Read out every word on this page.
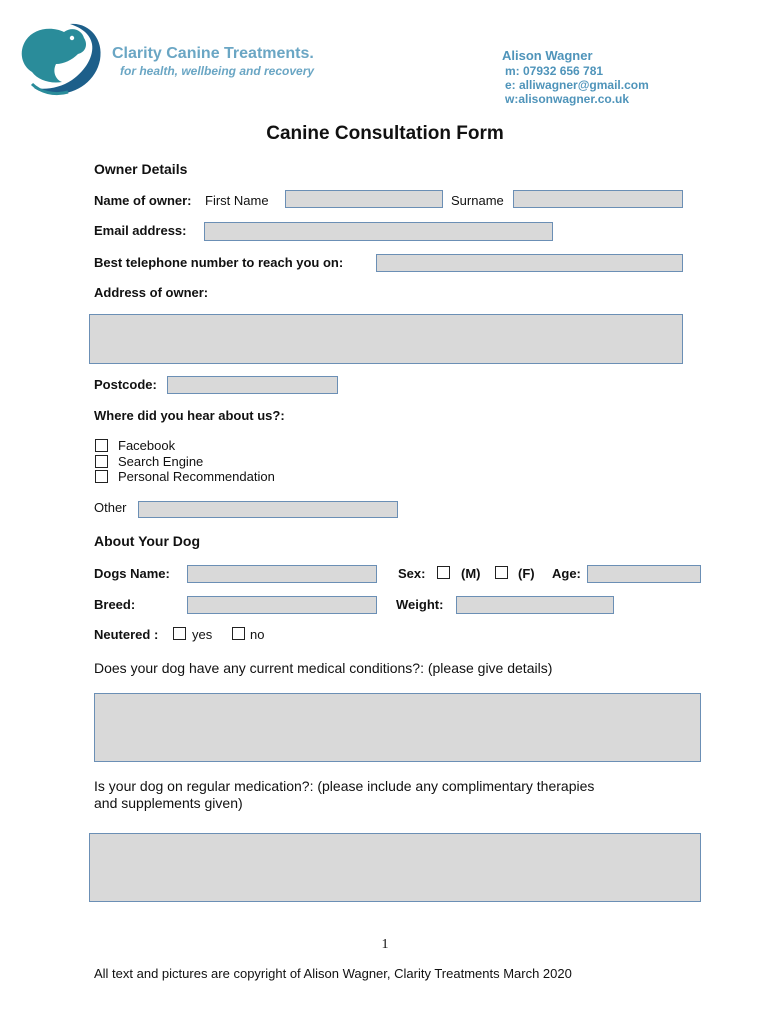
Clarity Canine Treatments.
for health, wellbeing and recovery
Alison Wagner
m: 07932 656 781
e: alliwagner@gmail.com
w:alisonwagner.co.uk
Canine Consultation Form
Owner Details
Name of owner: First Name	Surname
Email address:
Best telephone number to reach you on:
Address of owner:
Postcode:
Where did you hear about us?:
Facebook
Search Engine
Personal Recommendation
Other
About Your Dog
Dogs Name:	Sex:	(M)	(F) Age:
Breed:	Weight:
Neutered :	yes	no
Does your dog have any current medical conditions?: (please give details)
Is your dog on regular medication?: (please include any complimentary therapies
and supplements given)
1
All text and pictures are copyright of Alison Wagner, Clarity Treatments March 2020
